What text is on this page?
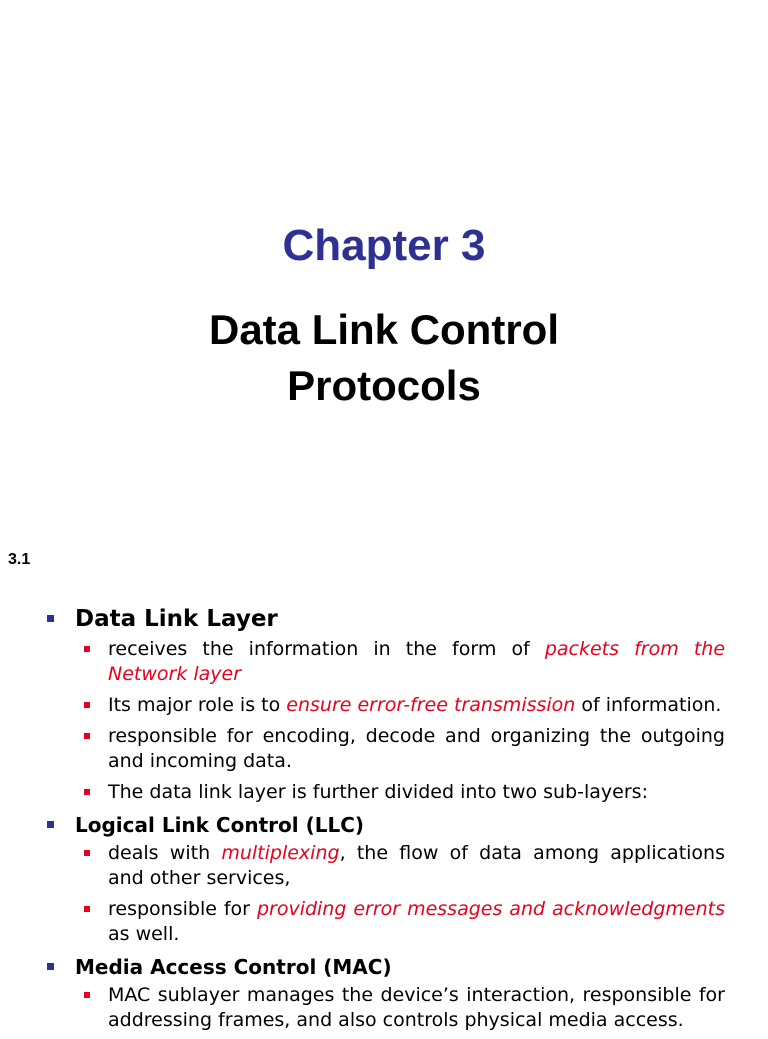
Chapter 3
Data Link Control
Protocols
3.1
Data Link Layer
receives the information in the form of packets from the Network layer
Its major role is to ensure error-free transmission of information.
responsible for encoding, decode and organizing the outgoing and incoming data.
The data link layer is further divided into two sub-layers:
Logical Link Control (LLC)
deals with multiplexing, the flow of data among applications and other services,
responsible for providing error messages and acknowledgments as well.
Media Access Control (MAC)
MAC sublayer manages the device’s interaction, responsible for addressing frames, and also controls physical media access.
